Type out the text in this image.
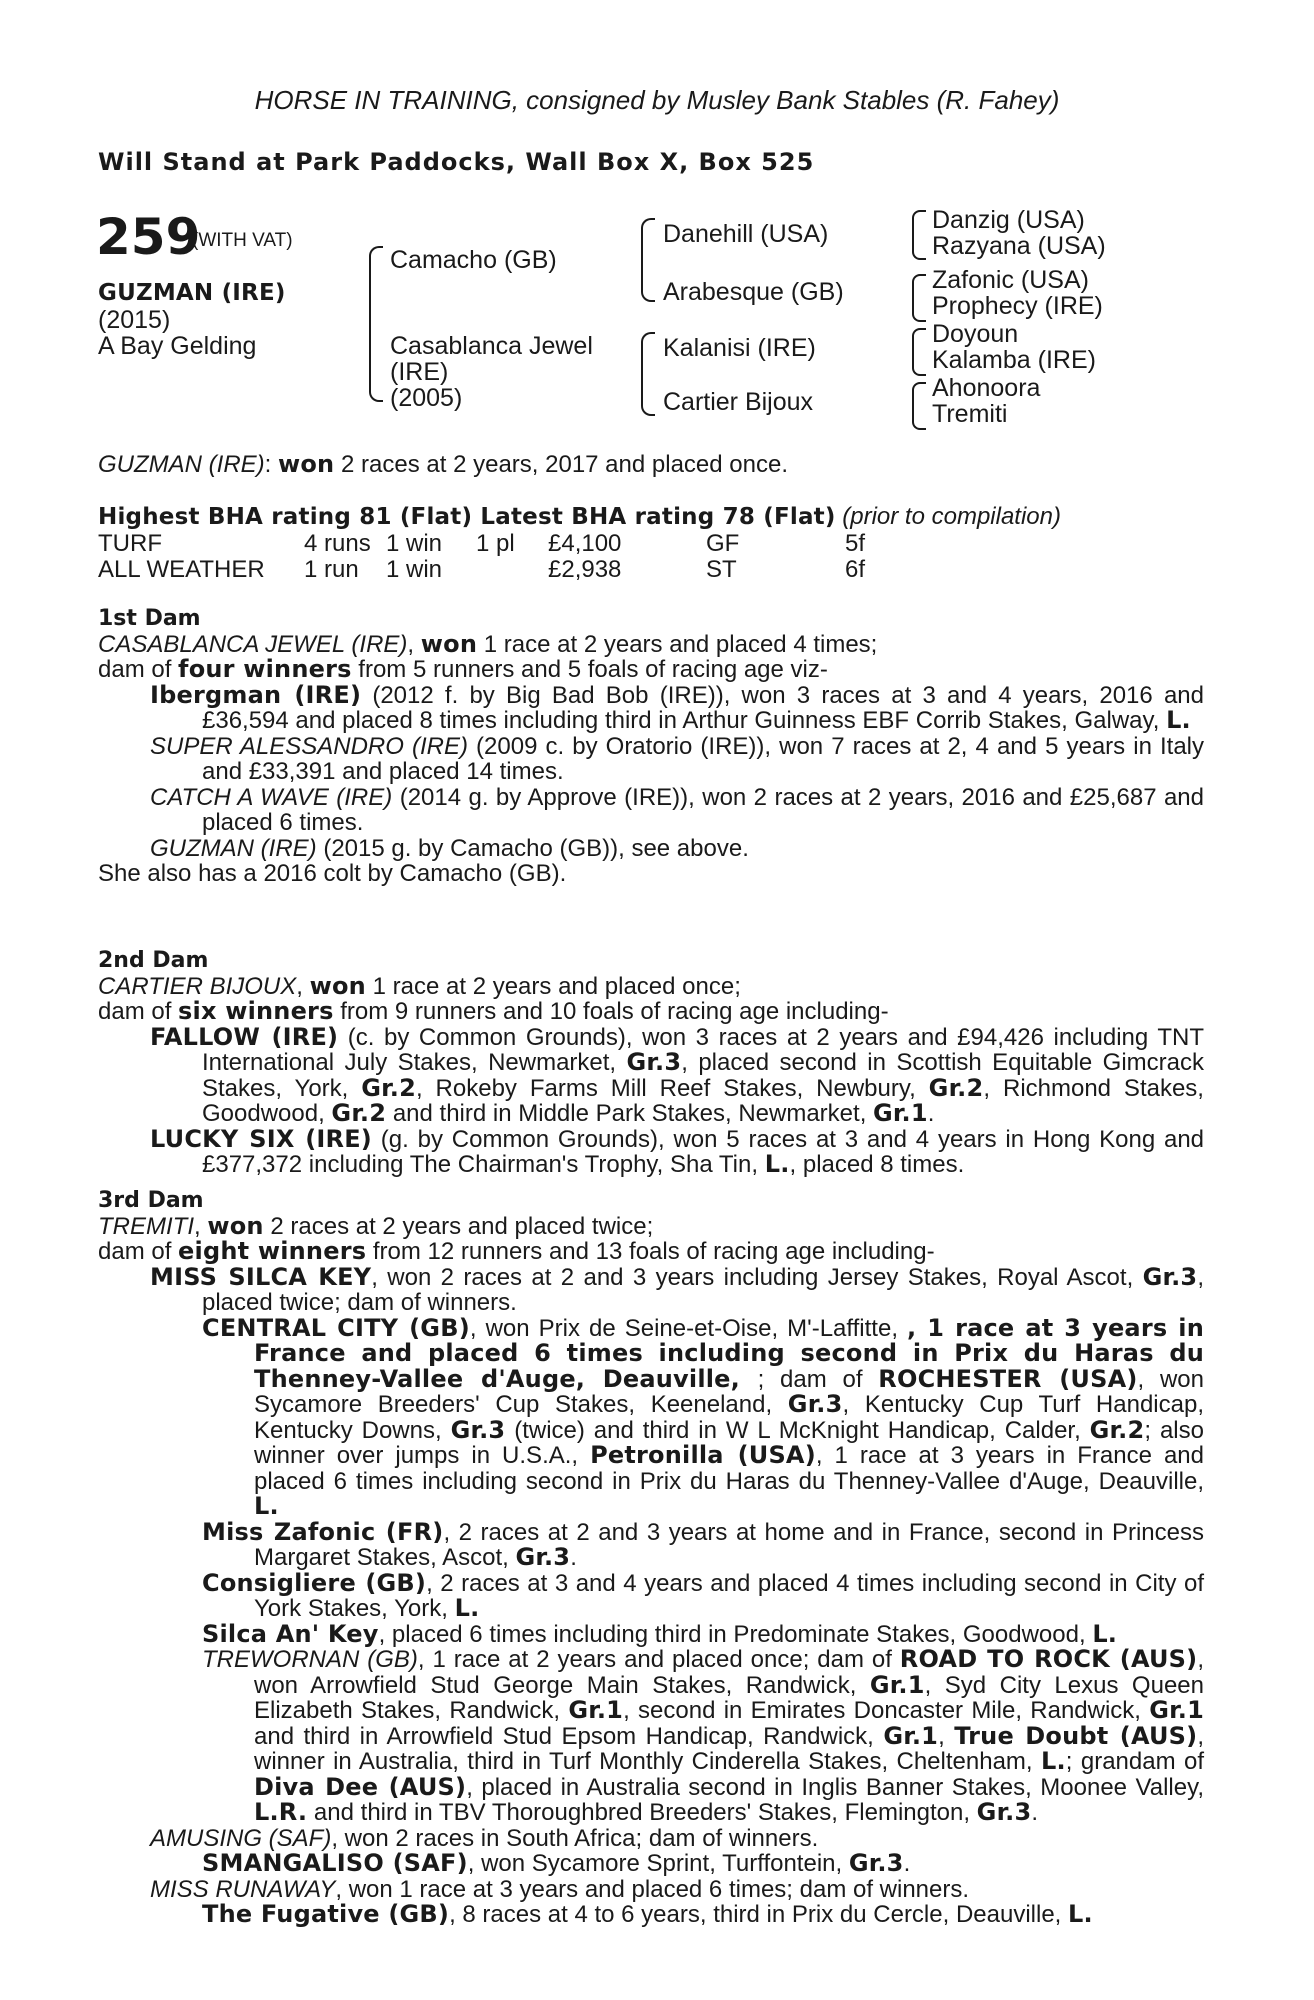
HORSE IN TRAINING, consigned by Musley Bank Stables (R. Fahey)
Will Stand at Park Paddocks, Wall Box X, Box 525
259
(WITH VAT)
GUZMAN (IRE)
(2015)
A Bay Gelding
Camacho (GB)
Casablanca Jewel
(IRE)
(2005)
Danehill (USA)
Arabesque (GB)
Kalanisi (IRE)
Cartier Bijoux
Danzig (USA)
Razyana (USA)
Zafonic (USA)
Prophecy (IRE)
Doyoun
Kalamba (IRE)
Ahonoora
Tremiti
GUZMAN (IRE): won 2 races at 2 years, 2017 and placed once.
Highest BHA rating 81 (Flat) Latest BHA rating 78 (Flat) (prior to compilation)
TURF	4 runs 1 win 1 pl £4,100	GF	5f
ALL WEATHER 1 run 1 win	£2,938	ST	6f

1st Dam

CASABLANCA JEWEL (IRE), won 1 race at 2 years and placed 4 times;

dam of four winners from 5 runners and 5 foals of racing age viz-

Ibergman (IRE) (2012 f. by Big Bad Bob (IRE)), won 3 races at 3 and 4 years, 2016 and £36,594 and placed 8 times including third in Arthur Guinness EBF Corrib Stakes, Galway, L.

SUPER ALESSANDRO (IRE) (2009 c. by Oratorio (IRE)), won 7 races at 2, 4 and 5 years in Italy and £33,391 and placed 14 times.

CATCH A WAVE (IRE) (2014 g. by Approve (IRE)), won 2 races at 2 years, 2016 and £25,687 and placed 6 times.

GUZMAN (IRE) (2015 g. by Camacho (GB)), see above.

She also has a 2016 colt by Camacho (GB).

2nd Dam

CARTIER BIJOUX, won 1 race at 2 years and placed once;

dam of six winners from 9 runners and 10 foals of racing age including-

FALLOW (IRE) (c. by Common Grounds), won 3 races at 2 years and £94,426 including TNT International July Stakes, Newmarket, Gr.3, placed second in Scottish Equitable Gimcrack Stakes, York, Gr.2, Rokeby Farms Mill Reef Stakes, Newbury, Gr.2, Richmond Stakes, Goodwood, Gr.2 and third in Middle Park Stakes, Newmarket, Gr.1.

LUCKY SIX (IRE) (g. by Common Grounds), won 5 races at 3 and 4 years in Hong Kong and £377,372 including The Chairman's Trophy, Sha Tin, L., placed 8 times.

3rd Dam

TREMITI, won 2 races at 2 years and placed twice;

dam of eight winners from 12 runners and 13 foals of racing age including-

MISS SILCA KEY, won 2 races at 2 and 3 years including Jersey Stakes, Royal Ascot, Gr.3, placed twice; dam of winners.

CENTRAL CITY (GB), won Prix de Seine-et-Oise, M'-Laffitte, , 1 race at 3 years in France and placed 6 times including second in Prix du Haras du Thenney-Vallee d'Auge, Deauville, ; dam of ROCHESTER (USA), won Sycamore Breeders' Cup Stakes, Keeneland, Gr.3, Kentucky Cup Turf Handicap, Kentucky Downs, Gr.3 (twice) and third in W L McKnight Handicap, Calder, Gr.2; also winner over jumps in U.S.A., Petronilla (USA), 1 race at 3 years in France and placed 6 times including second in Prix du Haras du Thenney-Vallee d'Auge, Deauville, L.

Miss Zafonic (FR), 2 races at 2 and 3 years at home and in France, second in Princess Margaret Stakes, Ascot, Gr.3.

Consigliere (GB), 2 races at 3 and 4 years and placed 4 times including second in City of York Stakes, York, L.

Silca An' Key, placed 6 times including third in Predominate Stakes, Goodwood, L.

TREWORNAN (GB), 1 race at 2 years and placed once; dam of ROAD TO ROCK (AUS), won Arrowfield Stud George Main Stakes, Randwick, Gr.1, Syd City Lexus Queen Elizabeth Stakes, Randwick, Gr.1, second in Emirates Doncaster Mile, Randwick, Gr.1 and third in Arrowfield Stud Epsom Handicap, Randwick, Gr.1, True Doubt (AUS), winner in Australia, third in Turf Monthly Cinderella Stakes, Cheltenham, L.; grandam of Diva Dee (AUS), placed in Australia second in Inglis Banner Stakes, Moonee Valley, L.R. and third in TBV Thoroughbred Breeders' Stakes, Flemington, Gr.3.

AMUSING (SAF), won 2 races in South Africa; dam of winners.

SMANGALISO (SAF), won Sycamore Sprint, Turffontein, Gr.3.

MISS RUNAWAY, won 1 race at 3 years and placed 6 times; dam of winners.

The Fugative (GB), 8 races at 4 to 6 years, third in Prix du Cercle, Deauville, L.
